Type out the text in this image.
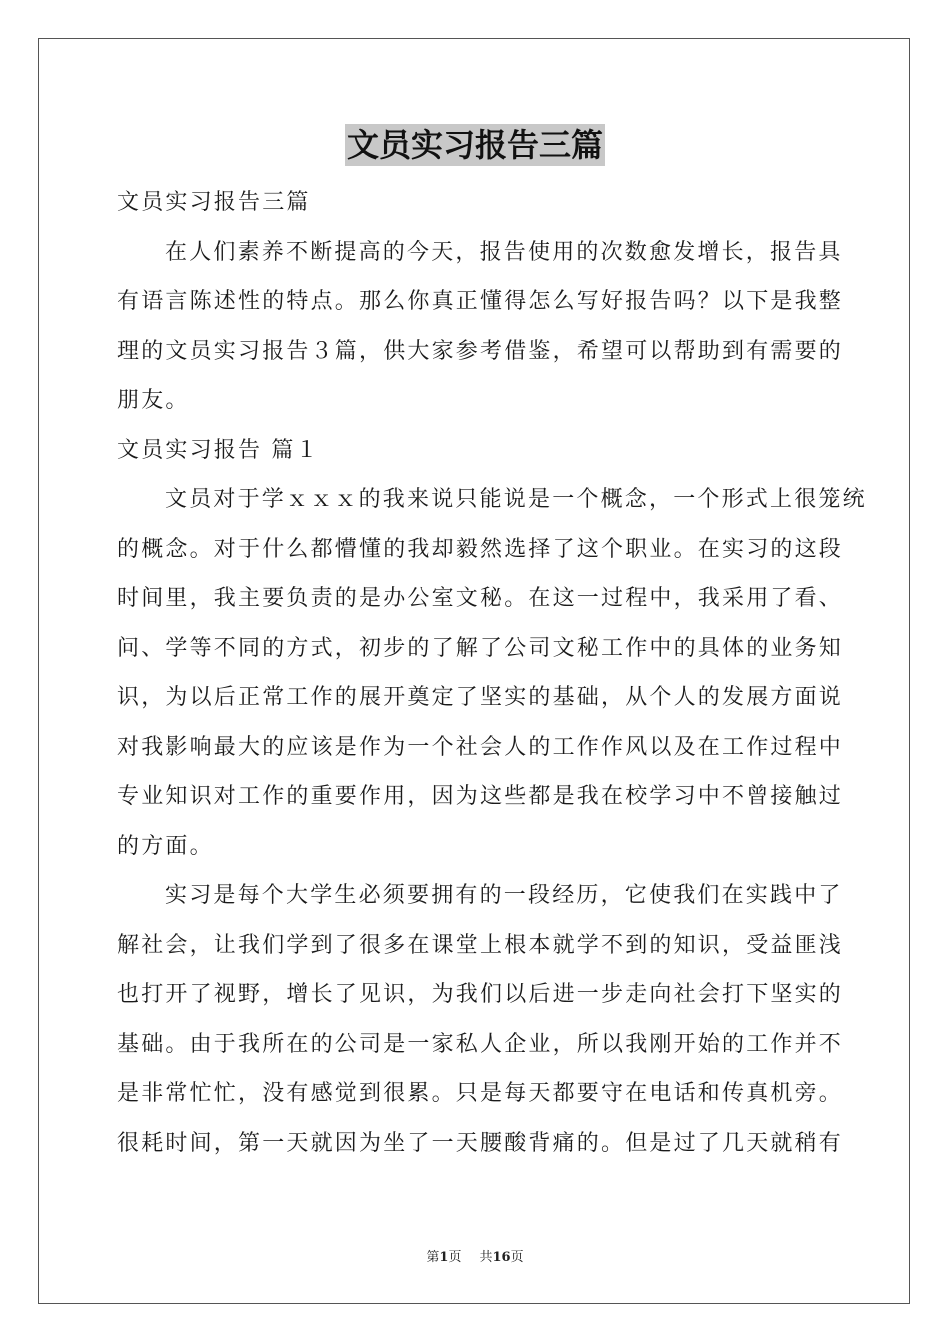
文员实习报告三篇
文员实习报告三篇
在人们素养不断提高的今天，报告使用的次数愈发增长，报告具
有语言陈述性的特点。那么你真正懂得怎么写好报告吗？以下是我整
理的文员实习报告３篇，供大家参考借鉴，希望可以帮助到有需要的
朋友。
文员实习报告 篇１
文员对于学ｘｘｘ的我来说只能说是一个概念，一个形式上很笼统
的概念。对于什么都懵懂的我却毅然选择了这个职业。在实习的这段
时间里，我主要负责的是办公室文秘。在这一过程中，我采用了看、
问、学等不同的方式，初步的了解了公司文秘工作中的具体的业务知
识，为以后正常工作的展开奠定了坚实的基础，从个人的发展方面说
对我影响最大的应该是作为一个社会人的工作作风以及在工作过程中
专业知识对工作的重要作用，因为这些都是我在校学习中不曾接触过
的方面。
实习是每个大学生必须要拥有的一段经历，它使我们在实践中了
解社会，让我们学到了很多在课堂上根本就学不到的知识，受益匪浅
也打开了视野，增长了见识，为我们以后进一步走向社会打下坚实的
基础。由于我所在的公司是一家私人企业，所以我刚开始的工作并不
是非常忙忙，没有感觉到很累。只是每天都要守在电话和传真机旁。
很耗时间，第一天就因为坐了一天腰酸背痛的。但是过了几天就稍有
第1页 共16页
